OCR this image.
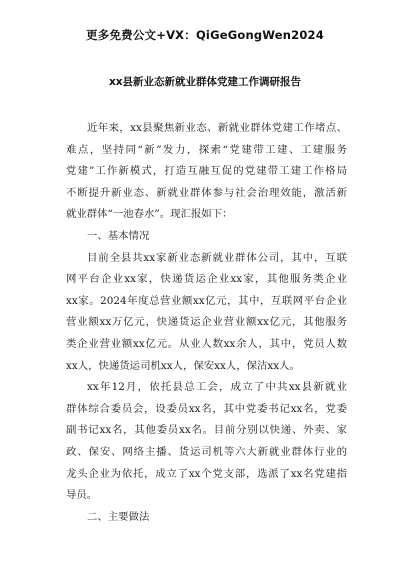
更多免费公文+VX：QiGeGongWen2024
xx县新业态新就业群体党建工作调研报告
近年来，xx县聚焦新业态、新就业群体党建工作堵点、
难点，坚持同“新”发力，探索“党建带工建、工建服务
党建”工作新模式，打造互融互促的党建带工建工作格局
不断提升新业态、新就业群体参与社会治理效能，激活新
就业群体“一池春水”。现汇报如下：
一、基本情况
目前全县共xx家新业态新就业群体公司，其中，互联
网平台企业xx家，快递货运企业xx家，其他服务类企业
xx家。2024年度总营业额xx亿元，其中，互联网平台企业
营业额xx万亿元，快递货运企业营业额xx亿元，其他服务
类企业营业额xx亿元。从业人数xx余人，其中，党员人数
xx人，快递货运司机xx人，保安xx人，保洁xx人。
xx年12月，依托县总工会，成立了中共xx县新就业
群体综合委员会，设委员xx名，其中党委书记xx名，党委
副书记xx名，其他委员xx名。目前分别以快递、外卖、家
政、保安、网络主播、货运司机等六大新就业群体行业的
龙头企业为依托，成立了xx个党支部，选派了xx名党建指
导员。
二、主要做法
